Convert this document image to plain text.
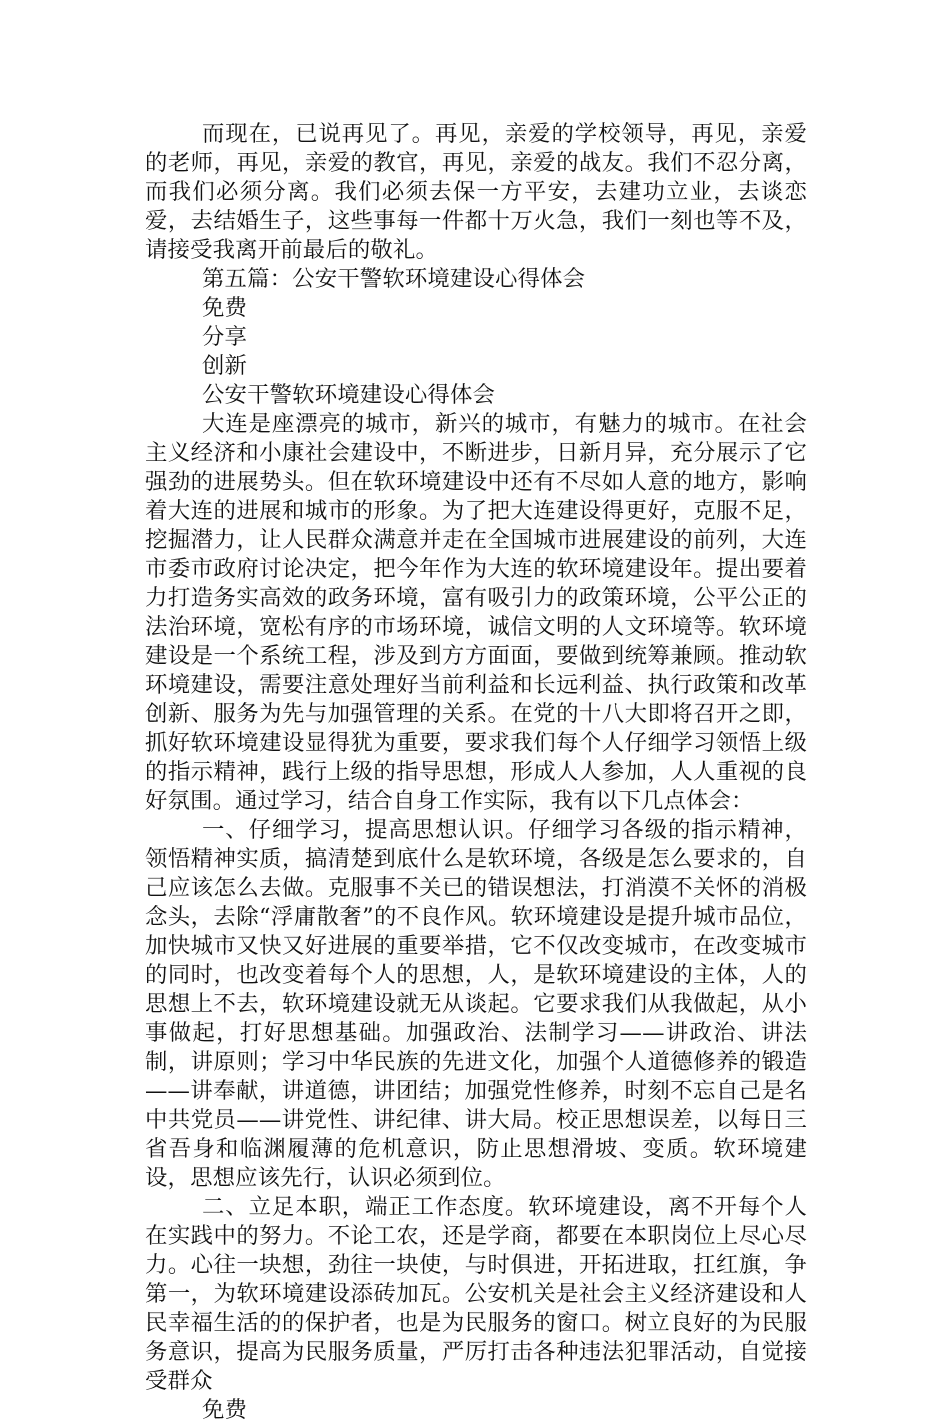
而现在，已说再见了。再见，亲爱的学校领导，再见，亲爱的老师，再见，亲爱的教官，再见，亲爱的战友。我们不忍分离，而我们必须分离。我们必须去保一方平安，去建功立业，去谈恋爱，去结婚生子，这些事每一件都十万火急，我们一刻也等不及，请接受我离开前最后的敬礼。

第五篇：公安干警软环境建设心得体会

免费

分享

创新

公安干警软环境建设心得体会

大连是座漂亮的城市，新兴的城市，有魅力的城市。在社会主义经济和小康社会建设中，不断进步，日新月异，充分展示了它强劲的进展势头。但在软环境建设中还有不尽如人意的地方，影响着大连的进展和城市的形象。为了把大连建设得更好，克服不足，挖掘潜力，让人民群众满意并走在全国城市进展建设的前列，大连市委市政府讨论决定，把今年作为大连的软环境建设年。提出要着力打造务实高效的政务环境，富有吸引力的政策环境，公平公正的法治环境，宽松有序的市场环境，诚信文明的人文环境等。软环境建设是一个系统工程，涉及到方方面面，要做到统筹兼顾。推动软环境建设，需要注意处理好当前利益和长远利益、执行政策和改革创新、服务为先与加强管理的关系。在党的十八大即将召开之即，抓好软环境建设显得犹为重要，要求我们每个人仔细学习领悟上级的指示精神，践行上级的指导思想，形成人人参加，人人重视的良好氛围。通过学习，结合自身工作实际，我有以下几点体会：

一、仔细学习，提高思想认识。仔细学习各级的指示精神，领悟精神实质，搞清楚到底什么是软环境，各级是怎么要求的，自己应该怎么去做。克服事不关已的错误想法，打消漠不关怀的消极念头，去除“浮庸散奢”的不良作风。软环境建设是提升城市品位，加快城市又快又好进展的重要举措，它不仅改变城市，在改变城市的同时，也改变着每个人的思想，人，是软环境建设的主体，人的思想上不去，软环境建设就无从谈起。它要求我们从我做起，从小事做起，打好思想基础。加强政治、法制学习——讲政治、讲法制，讲原则；学习中华民族的先进文化，加强个人道德修养的锻造——讲奉献，讲道德，讲团结；加强党性修养，时刻不忘自己是名中共党员——讲党性、讲纪律、讲大局。校正思想误差，以每日三省吾身和临渊履薄的危机意识，防止思想滑坡、变质。软环境建设，思想应该先行，认识必须到位。

二、立足本职，端正工作态度。软环境建设，离不开每个人在实践中的努力。不论工农，还是学商，都要在本职岗位上尽心尽力。心往一块想，劲往一块使，与时俱进，开拓进取，扛红旗，争第一，为软环境建设添砖加瓦。公安机关是社会主义经济建设和人民幸福生活的的保护者，也是为民服务的窗口。树立良好的为民服务意识，提高为民服务质量，严厉打击各种违法犯罪活动，自觉接受群众

免费
